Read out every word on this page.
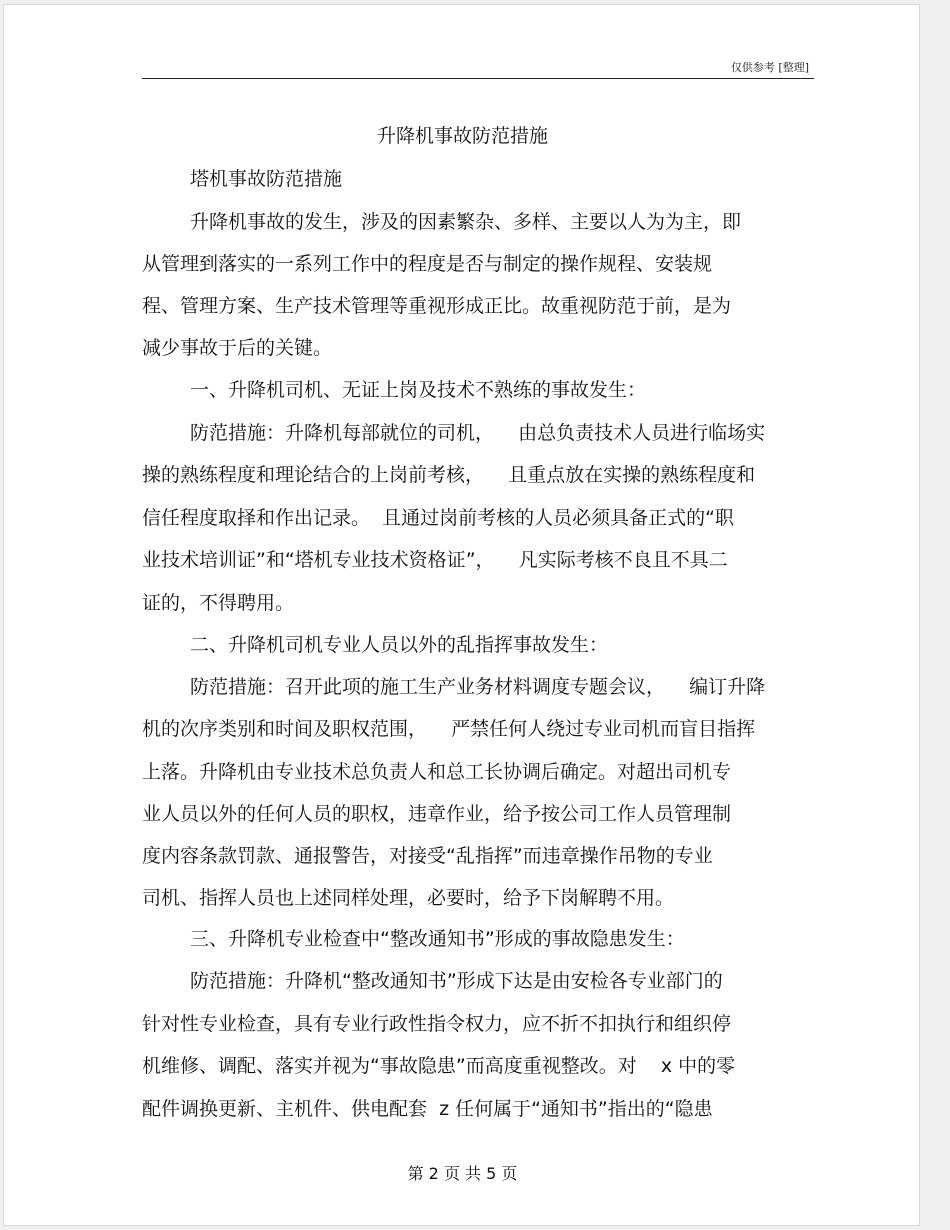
仅供参考 [整理]
升降机事故防范措施
塔机事故防范措施
升降机事故的发生，涉及的因素繁杂、多样、主要以人为为主，即
从管理到落实的一系列工作中的程度是否与制定的操作规程、安装规
程、管理方案、生产技术管理等重视形成正比。故重视防范于前，是为
减少事故于后的关键。
一、升降机司机、无证上岗及技术不熟练的事故发生：
防范措施：升降机每部就位的司机，    由总负责技术人员进行临场实
操的熟练程度和理论结合的上岗前考核，    且重点放在实操的熟练程度和
信任程度取择和作出记录。  且通过岗前考核的人员必须具备正式的“职
业技术培训证”和“塔机专业技术资格证”，    凡实际考核不良且不具二
证的，不得聘用。
二、升降机司机专业人员以外的乱指挥事故发生：
防范措施：召开此项的施工生产业务材料调度专题会议，    编订升降
机的次序类别和时间及职权范围，    严禁任何人绕过专业司机而盲目指挥
上落。升降机由专业技术总负责人和总工长协调后确定。对超出司机专
业人员以外的任何人员的职权，违章作业，给予按公司工作人员管理制
度内容条款罚款、通报警告，对接受“乱指挥”而违章操作吊物的专业
司机、指挥人员也上述同样处理，必要时，给予下岗解聘不用。
三、升降机专业检查中“整改通知书”形成的事故隐患发生：
防范措施：升降机“整改通知书”形成下达是由安检各专业部门的
针对性专业检查，具有专业行政性指令权力，应不折不扣执行和组织停
机维修、调配、落实并视为“事故隐患”而高度重视整改。对    x 中的零
配件调换更新、主机件、供电配套  z 任何属于“通知书”指出的“隐患
第 2 页 共 5 页
